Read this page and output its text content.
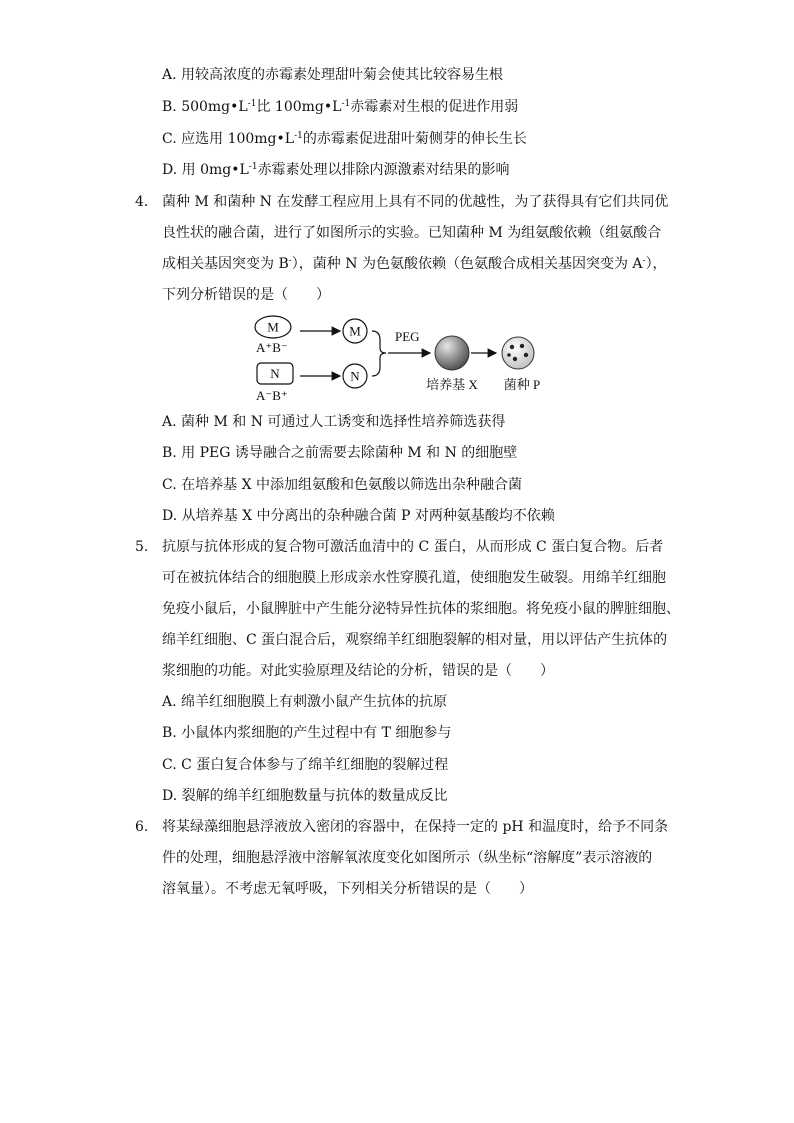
A. 用较高浓度的赤霉素处理甜叶菊会使其比较容易生根
B. $500mg•L^{-1}$比 $100mg•L^{-1}$赤霉素对生根的促进作用弱
C. 应选用 $100mg•L^{-1}$的赤霉素促进甜叶菊侧芽的伸长生长
D. 用 $0mg•L^{-1}$赤霉素处理以排除内源激素对结果的影响
4. 菌种 M 和菌种 N 在发酵工程应用上具有不同的优越性，为了获得具有它们共同优
良性状的融合菌，进行了如图所示的实验。已知菌种 M 为组氨酸依赖（组氨酸合
成相关基因突变为 B-），菌种 N 为色氨酸依赖（色氨酸合成相关基因突变为 A-），
下列分析错误的是（　　）
M
A⁺B⁻
M
N
A⁻B⁺
N
PEG
培养基 X 菌种 P
A. 菌种 M 和 N 可通过人工诱变和选择性培养筛选获得
B. 用 PEG 诱导融合之前需要去除菌种 M 和 N 的细胞壁
C. 在培养基 X 中添加组氨酸和色氨酸以筛选出杂种融合菌
D. 从培养基 X 中分离出的杂种融合菌 P 对两种氨基酸均不依赖
5. 抗原与抗体形成的复合物可激活血清中的 C 蛋白，从而形成 C 蛋白复合物。后者
可在被抗体结合的细胞膜上形成亲水性穿膜孔道，使细胞发生破裂。用绵羊红细胞
免疫小鼠后，小鼠脾脏中产生能分泌特异性抗体的浆细胞。将免疫小鼠的脾脏细胞、
绵羊红细胞、C 蛋白混合后，观察绵羊红细胞裂解的相对量，用以评估产生抗体的
浆细胞的功能。对此实验原理及结论的分析，错误的是（　　）
A. 绵羊红细胞膜上有刺激小鼠产生抗体的抗原
B. 小鼠体内浆细胞的产生过程中有 T 细胞参与
C. C 蛋白复合体参与了绵羊红细胞的裂解过程
D. 裂解的绵羊红细胞数量与抗体的数量成反比
6. 将某绿藻细胞悬浮液放入密闭的容器中，在保持一定的 pH 和温度时，给予不同条
件的处理，细胞悬浮液中溶解氧浓度变化如图所示（纵坐标“溶解度”表示溶液的
溶氧量）。不考虑无氧呼吸，下列相关分析错误的是（　　）
